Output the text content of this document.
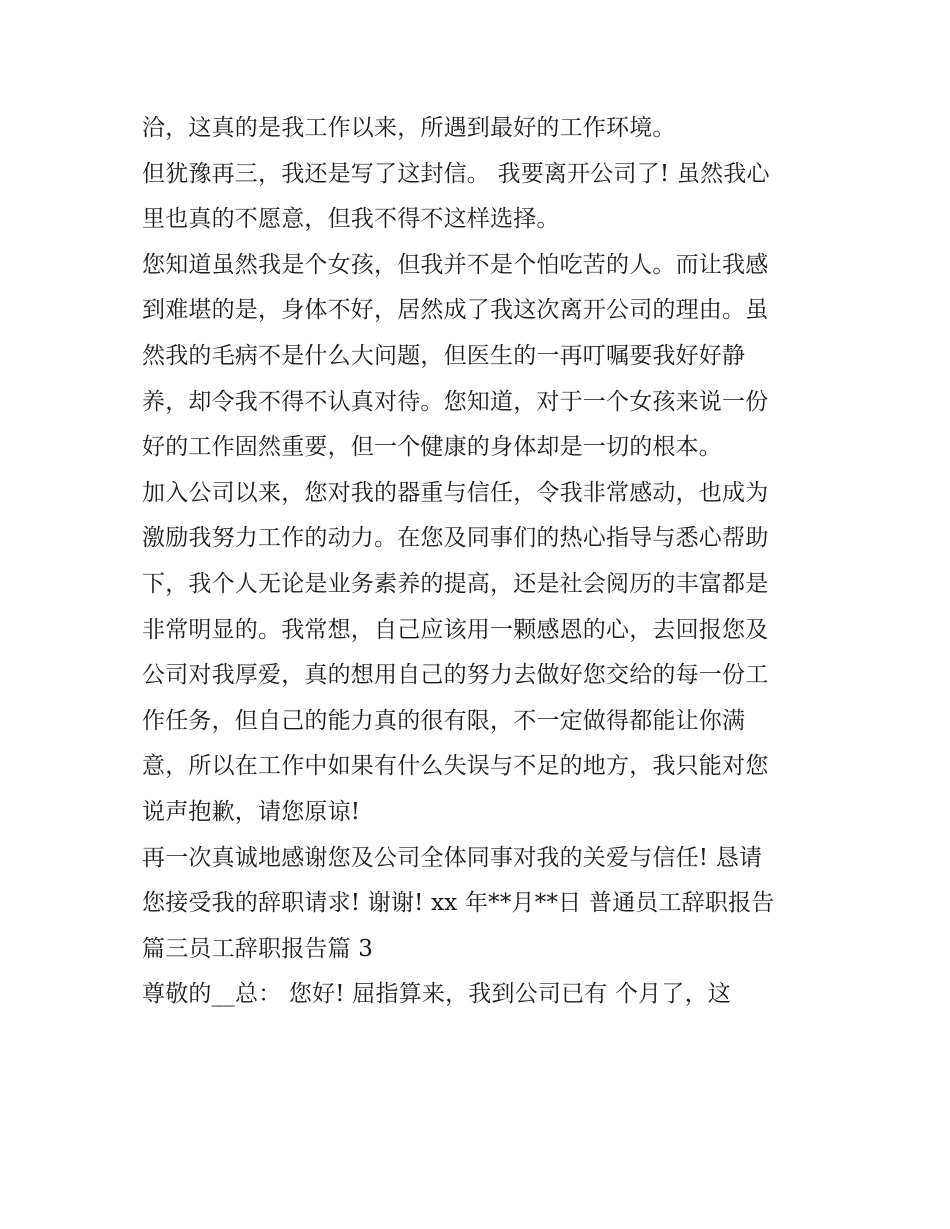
洽，这真的是我工作以来，所遇到最好的工作环境。
但犹豫再三，我还是写了这封信。 我要离开公司了! 虽然我心
里也真的不愿意，但我不得不这样选择。
您知道虽然我是个女孩，但我并不是个怕吃苦的人。而让我感
到难堪的是，身体不好，居然成了我这次离开公司的理由。虽
然我的毛病不是什么大问题，但医生的一再叮嘱要我好好静
养，却令我不得不认真对待。您知道，对于一个女孩来说一份
好的工作固然重要，但一个健康的身体却是一切的根本。
加入公司以来，您对我的器重与信任，令我非常感动，也成为
激励我努力工作的动力。在您及同事们的热心指导与悉心帮助
下，我个人无论是业务素养的提高，还是社会阅历的丰富都是
非常明显的。我常想，自己应该用一颗感恩的心，去回报您及
公司对我厚爱，真的想用自己的努力去做好您交给的每一份工
作任务，但自己的能力真的很有限，不一定做得都能让你满
意，所以在工作中如果有什么失误与不足的地方，我只能对您
说声抱歉，请您原谅!
再一次真诚地感谢您及公司全体同事对我的关爱与信任! 恳请
您接受我的辞职请求! 谢谢! xx 年**月**日 普通员工辞职报告
篇三员工辞职报告篇 3
尊敬的__总： 您好! 屈指算来，我到公司已有 个月了，这
